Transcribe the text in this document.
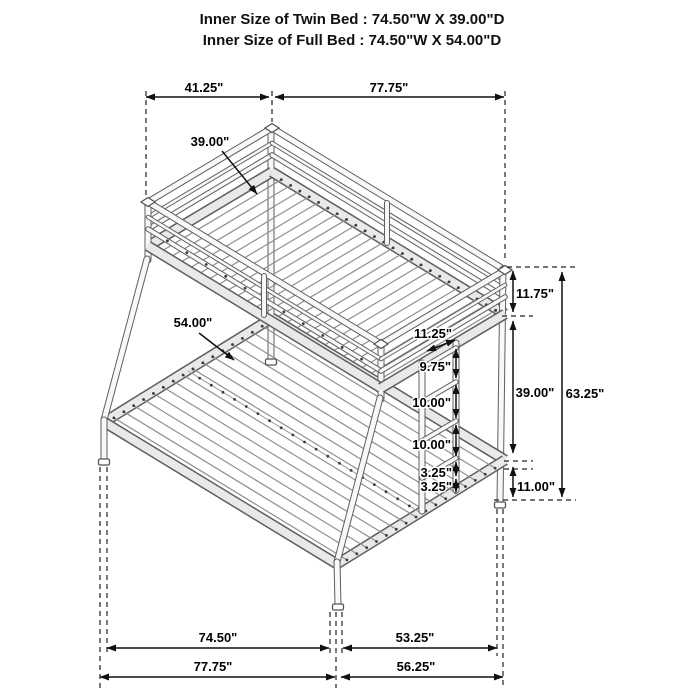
Inner Size of Twin Bed : 74.50"W X 39.00"D
Inner Size of Full Bed : 74.50"W X 54.00"D
41.25"	77.75"
39.00"
54.00"
11.75"
39.00" 63.25"
11.00"
11.25"
9.75"
10.00"
10.00"
3.25"
3.25"
74.50"	53.25"
77.75"	56.25"
